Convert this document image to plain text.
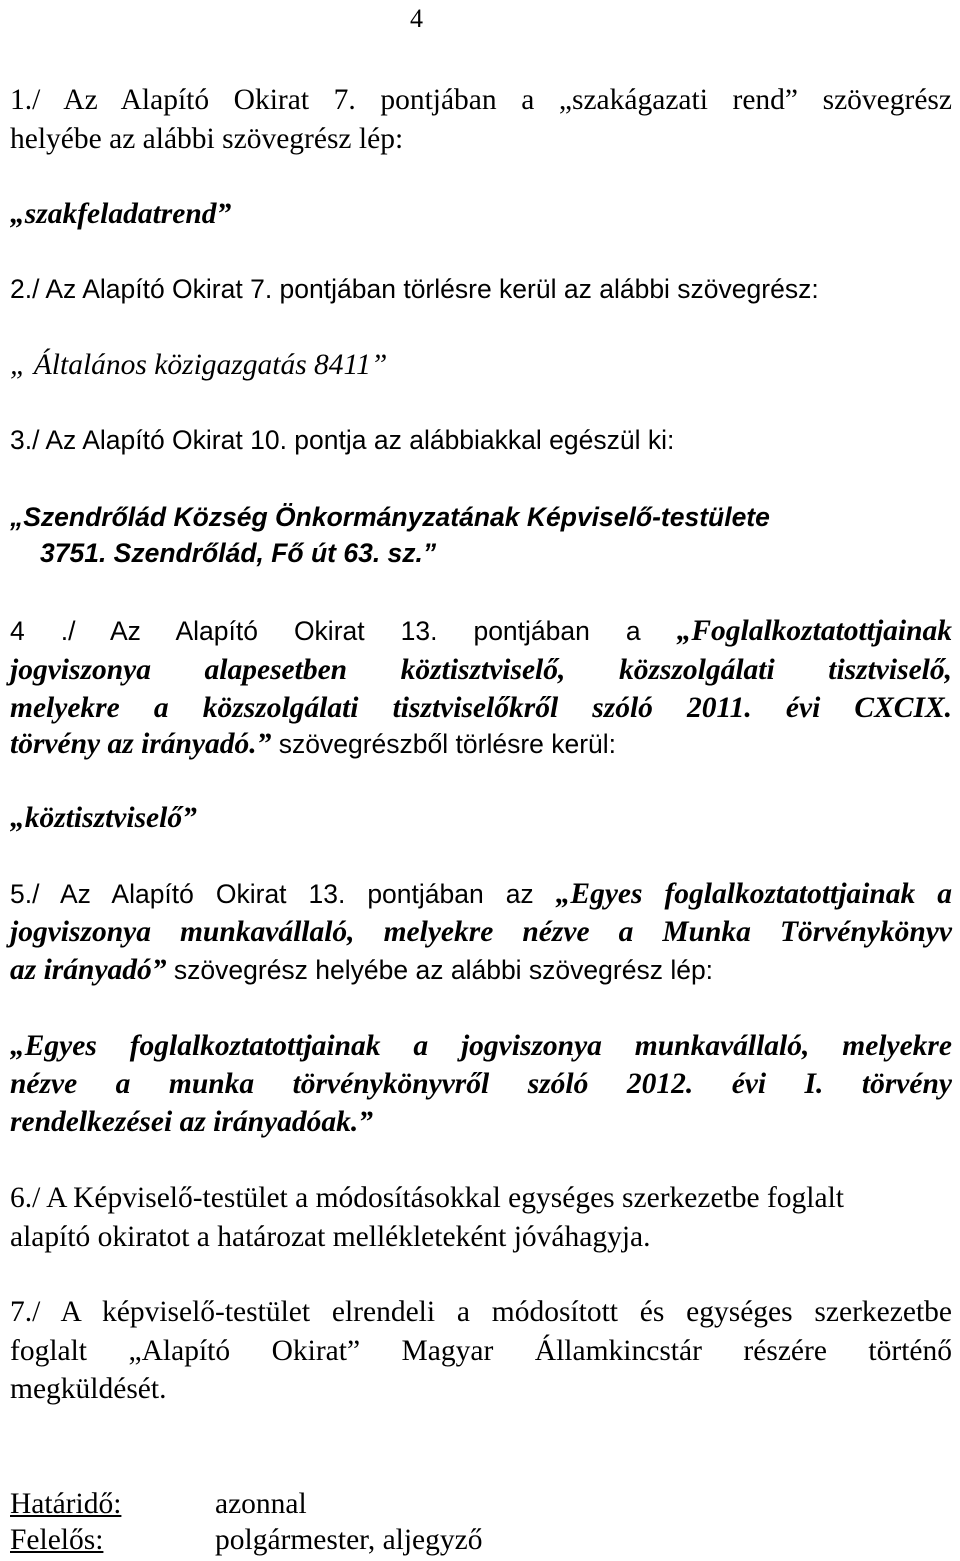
4
1./ Az Alapító Okirat 7. pontjában a „szakágazati rend” szövegrész
helyébe az alábbi szövegrész lép:
„szakfeladatrend”
2./ Az Alapító Okirat 7. pontjában törlésre kerül az alábbi szövegrész:
„ Általános közigazgatás 8411”
3./ Az Alapító Okirat 10. pontja az alábbiakkal egészül ki:
„Szendrőlád Község Önkormányzatának Képviselő-testülete
3751. Szendrőlád, Fő út 63. sz.”
4 ./ Az Alapító Okirat 13. pontjában a „Foglalkoztatottjainak
jogviszonya alapesetben köztisztviselő, közszolgálati tisztviselő,
melyekre a közszolgálati tisztviselőkről szóló 2011. évi CXCIX.
törvény az irányadó.” szövegrészből törlésre kerül:
„köztisztviselő”
5./ Az Alapító Okirat 13. pontjában az „Egyes foglalkoztatottjainak a
jogviszonya munkavállaló, melyekre nézve a Munka Törvénykönyv
az irányadó” szövegrész helyébe az alábbi szövegrész lép:
„Egyes foglalkoztatottjainak a jogviszonya munkavállaló, melyekre
nézve a munka törvénykönyvről szóló 2012. évi I. törvény
rendelkezései az irányadóak.”
6./ A Képviselő-testület a módosításokkal egységes szerkezetbe foglalt
alapító okiratot a határozat mellékleteként jóváhagyja.
7./ A képviselő-testület elrendeli a módosított és egységes szerkezetbe
foglalt „Alapító Okirat” Magyar Államkincstár részére történő
megküldését.
Határidő:	azonnal
Felelős:	polgármester, aljegyző
